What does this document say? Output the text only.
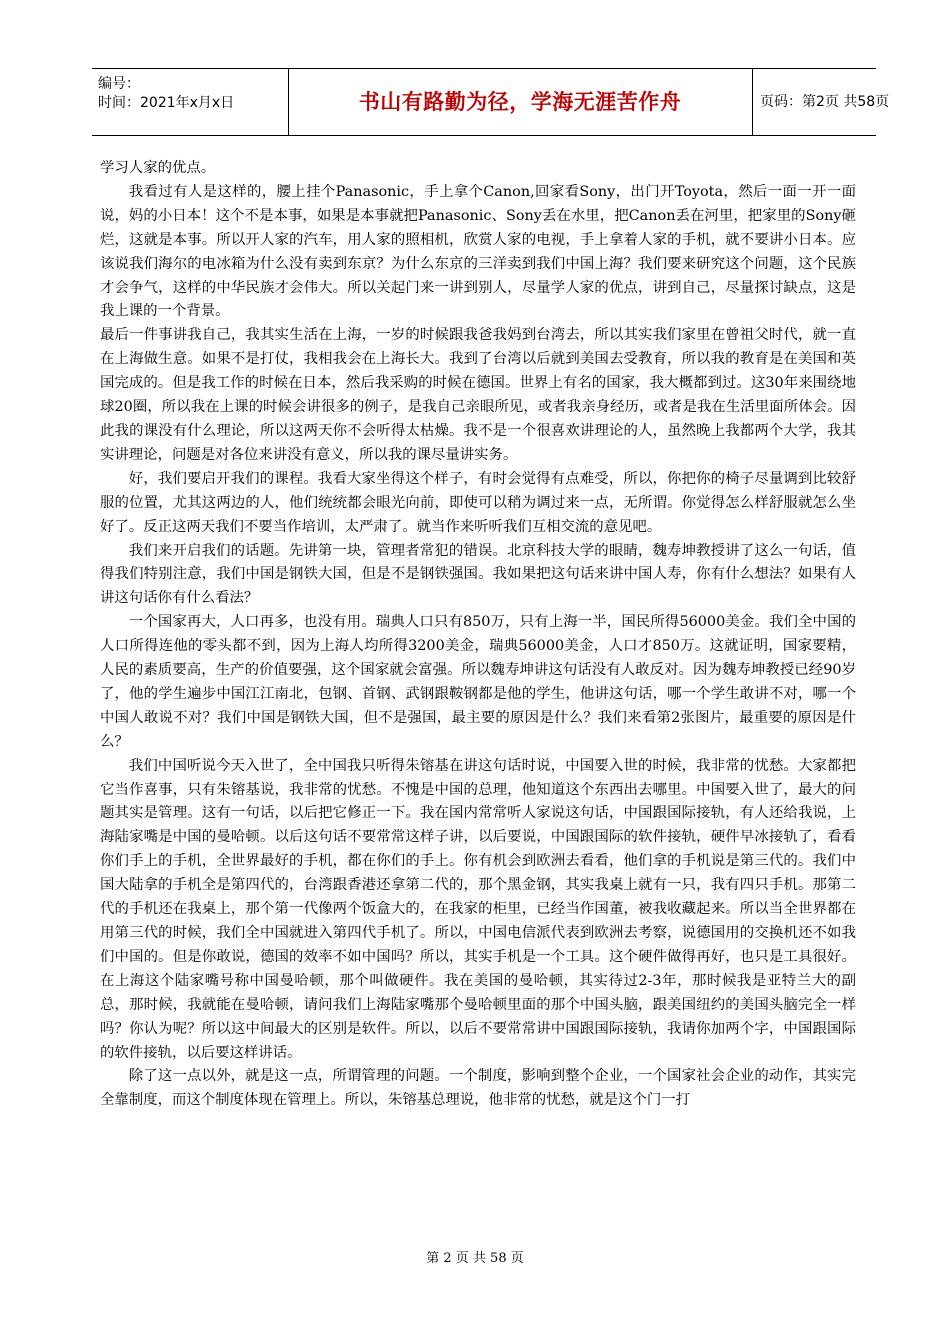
编号：
时间：2021年x月x日	书山有路勤为径，学海无涯苦作舟	页码：第2页 共58页

学习人家的优点。

我看过有人是这样的，腰上挂个Panasonic，手上拿个Canon,回家看Sony，出门开Toyota，然后一面一开一面说，妈的小日本！这个不是本事，如果是本事就把Panasonic、Sony丢在水里，把Canon丢在河里，把家里的Sony砸烂，这就是本事。所以开人家的汽车，用人家的照相机，欣赏人家的电视，手上拿着人家的手机，就不要讲小日本。应该说我们海尔的电冰箱为什么没有卖到东京？为什么东京的三洋卖到我们中国上海？我们要来研究这个问题，这个民族才会争气，这样的中华民族才会伟大。所以关起门来一讲到别人，尽量学人家的优点，讲到自己，尽量探讨缺点，这是我上课的一个背景。

最后一件事讲我自己，我其实生活在上海，一岁的时候跟我爸我妈到台湾去，所以其实我们家里在曾祖父时代，就一直在上海做生意。如果不是打仗，我相我会在上海长大。我到了台湾以后就到美国去受教育，所以我的教育是在美国和英国完成的。但是我工作的时候在日本，然后我采购的时候在德国。世界上有名的国家，我大概都到过。这30年来围绕地球20圈，所以我在上课的时候会讲很多的例子，是我自己亲眼所见，或者我亲身经历，或者是我在生活里面所体会。因此我的课没有什么理论，所以这两天你不会听得太枯燥。我不是一个很喜欢讲理论的人，虽然晚上我都两个大学，我其实讲理论，问题是对各位来讲没有意义，所以我的课尽量讲实务。

好，我们要启开我们的课程。我看大家坐得这个样子，有时会觉得有点难受，所以，你把你的椅子尽量调到比较舒服的位置，尤其这两边的人，他们统统都会眼光向前，即使可以稍为调过来一点，无所谓。你觉得怎么样舒服就怎么坐好了。反正这两天我们不要当作培训，太严肃了。就当作来听听我们互相交流的意见吧。

我们来开启我们的话题。先讲第一块，管理者常犯的错误。北京科技大学的眼睛，魏寿坤教授讲了这么一句话，值得我们特别注意，我们中国是钢铁大国，但是不是钢铁强国。我如果把这句话来讲中国人寿，你有什么想法？如果有人讲这句话你有什么看法？

一个国家再大，人口再多，也没有用。瑞典人口只有850万，只有上海一半，国民所得56000美金。我们全中国的人口所得连他的零头都不到，因为上海人均所得3200美金，瑞典56000美金，人口才850万。这就证明，国家要精，人民的素质要高，生产的价值要强，这个国家就会富强。所以魏寿坤讲这句话没有人敢反对。因为魏寿坤教授已经90岁了，他的学生遍步中国江江南北，包钢、首钢、武钢跟鞍钢都是他的学生，他讲这句话，哪一个学生敢讲不对，哪一个中国人敢说不对？我们中国是钢铁大国，但不是强国，最主要的原因是什么？我们来看第2张图片，最重要的原因是什么？

我们中国听说今天入世了，全中国我只听得朱镕基在讲这句话时说，中国要入世的时候，我非常的忧愁。大家都把它当作喜事，只有朱镕基说，我非常的忧愁。不愧是中国的总理，他知道这个东西出去哪里。中国要入世了，最大的问题其实是管理。这有一句话，以后把它修正一下。我在国内常常听人家说这句话，中国跟国际接轨，有人还给我说，上海陆家嘴是中国的曼哈顿。以后这句话不要常常这样子讲，以后要说，中国跟国际的软件接轨，硬件早冰接轨了，看看你们手上的手机，全世界最好的手机，都在你们的手上。你有机会到欧洲去看看，他们拿的手机说是第三代的。我们中国大陆拿的手机全是第四代的，台湾跟香港还拿第二代的，那个黑金钢，其实我桌上就有一只，我有四只手机。那第二代的手机还在我桌上，那个第一代像两个饭盒大的，在我家的柜里，已经当作国董，被我收藏起来。所以当全世界都在用第三代的时候，我们全中国就进入第四代手机了。所以，中国电信派代表到欧洲去考察，说德国用的交换机还不如我们中国的。但是你敢说，德国的效率不如中国吗？所以，其实手机是一个工具。这个硬件做得再好，也只是工具很好。在上海这个陆家嘴号称中国曼哈顿，那个叫做硬件。我在美国的曼哈顿，其实待过2-3年，那时候我是亚特兰大的副总，那时候，我就能在曼哈顿，请问我们上海陆家嘴那个曼哈顿里面的那个中国头脑，跟美国纽约的美国头脑完全一样吗？你认为呢？所以这中间最大的区别是软件。所以，以后不要常常讲中国跟国际接轨，我请你加两个字，中国跟国际的软件接轨，以后要这样讲话。

除了这一点以外，就是这一点，所谓管理的问题。一个制度，影响到整个企业，一个国家社会企业的动作，其实完全靠制度，而这个制度体现在管理上。所以，朱镕基总理说，他非常的忧愁，就是这个门一打

第 2 页 共 58 页
